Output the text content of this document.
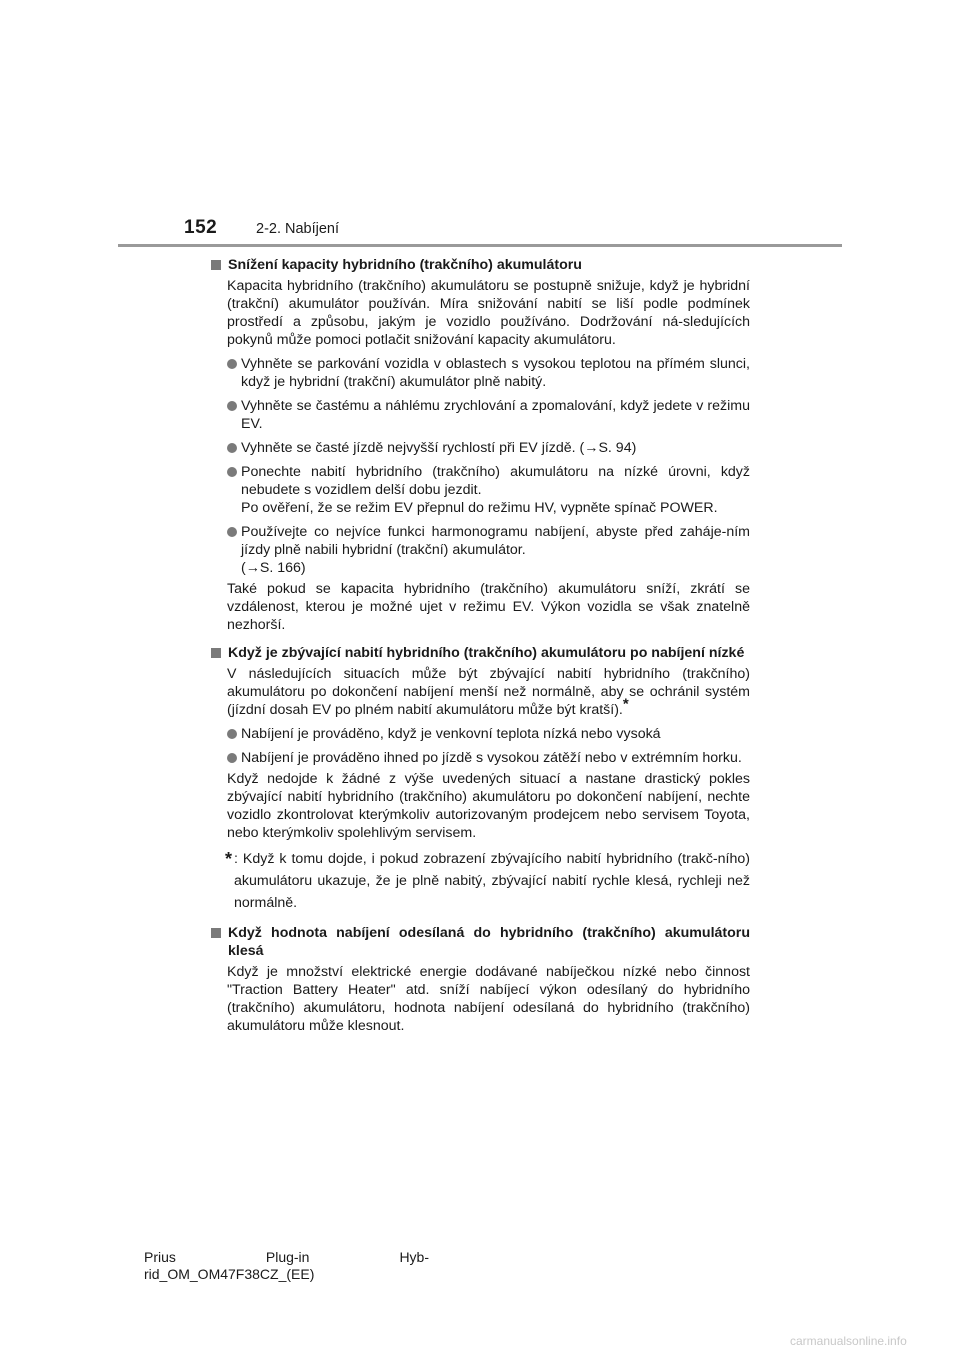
152	2-2. Nabíjení
Snížení kapacity hybridního (trakčního) akumulátoru
Kapacita hybridního (trakčního) akumulátoru se postupně snižuje, když je hybridní (trakční) akumulátor používán. Míra snižování nabití se liší podle podmínek prostředí a způsobu, jakým je vozidlo používáno. Dodržování ná-sledujících pokynů může pomoci potlačit snižování kapacity akumulátoru.
Vyhněte se parkování vozidla v oblastech s vysokou teplotou na přímém slunci, když je hybridní (trakční) akumulátor plně nabitý.
Vyhněte se častému a náhlému zrychlování a zpomalování, když jedete v režimu EV.
Vyhněte se časté jízdě nejvyšší rychlostí při EV jízdě. (→S. 94)
Ponechte nabití hybridního (trakčního) akumulátoru na nízké úrovni, když nebudete s vozidlem delší dobu jezdit.
Po ověření, že se režim EV přepnul do režimu HV, vypněte spínač POWER.
Používejte co nejvíce funkci harmonogramu nabíjení, abyste před zaháje-ním jízdy plně nabili hybridní (trakční) akumulátor.
(→S. 166)
Také pokud se kapacita hybridního (trakčního) akumulátoru sníží, zkrátí se vzdálenost, kterou je možné ujet v režimu EV. Výkon vozidla se však znatelně nezhorší.
Když je zbývající nabití hybridního (trakčního) akumulátoru po nabíjení nízké
V následujících situacích může být zbývající nabití hybridního (trakčního) akumulátoru po dokončení nabíjení menší než normálně, aby se ochránil systém (jízdní dosah EV po plném nabití akumulátoru může být kratší).*
Nabíjení je prováděno, když je venkovní teplota nízká nebo vysoká
Nabíjení je prováděno ihned po jízdě s vysokou zátěží nebo v extrémním horku.
Když nedojde k žádné z výše uvedených situací a nastane drastický pokles zbývající nabití hybridního (trakčního) akumulátoru po dokončení nabíjení, nechte vozidlo zkontrolovat kterýmkoliv autorizovaným prodejcem nebo servisem Toyota, nebo kterýmkoliv spolehlivým servisem.
* : Když k tomu dojde, i pokud zobrazení zbývajícího nabití hybridního (trakč-ního) akumulátoru ukazuje, že je plně nabitý, zbývající nabití rychle klesá, rychleji než normálně.
Když hodnota nabíjení odesílaná do hybridního (trakčního) akumulátoru klesá
Když je množství elektrické energie dodávané nabíječkou nízké nebo činnost "Traction Battery Heater" atd. sníží nabíjecí výkon odesílaný do hybridního (trakčního) akumulátoru, hodnota nabíjení odesílaná do hybridního (trakčního) akumulátoru může klesnout.
Prius	Plug-in	Hyb-
rid_OM_OM47F38CZ_(EE)
carmanualsonline.info
